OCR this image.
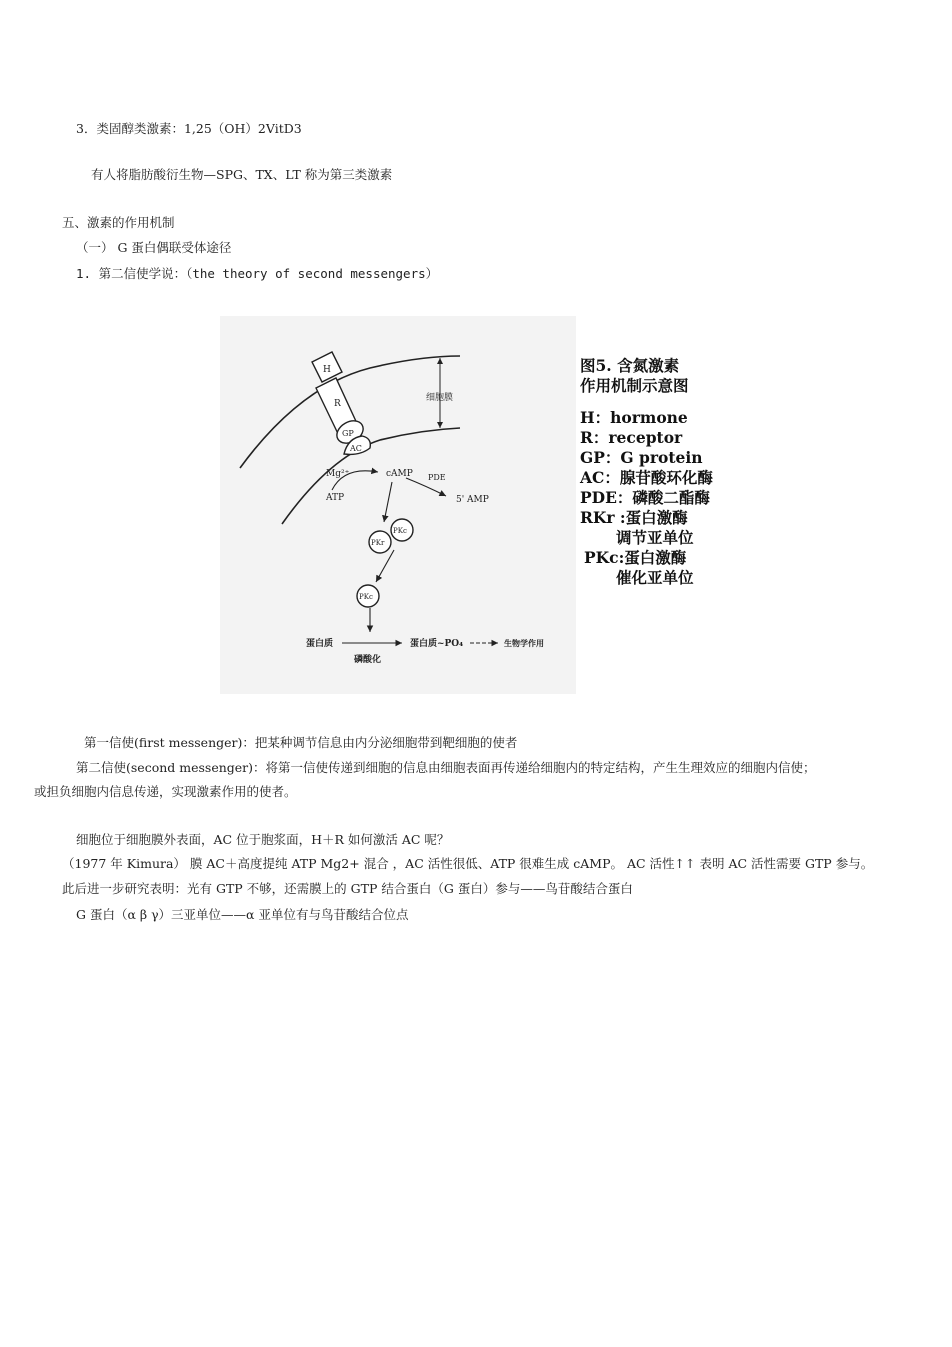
3．类固醇类激素：1,25（OH）2VitD3
有人将脂肪酸衍生物—SPG、TX、LT 称为第三类激素
五、激素的作用机制
（一） G 蛋白偶联受体途径
1. 第二信使学说：（the theory of second messengers）
细胞膜
H
R
GP
AC
Mg²⁺	cAMP PDE
ATP	5' AMP
PKr
PKc
PKc
蛋白质
磷酸化
蛋白质~PO₄	生物学作用
图5. 含氮激素
作用机制示意图
H：hormone
R：receptor
GP：G protein
AC：腺苷酸环化酶
PDE：磷酸二酯酶
RKr :蛋白激酶
调节亚单位
PKc:蛋白激酶
催化亚单位
第一信使(first messenger)：把某种调节信息由内分泌细胞带到靶细胞的使者
第二信使(second messenger)：将第一信使传递到细胞的信息由细胞表面再传递给细胞内的特定结构，产生生理效应的细胞内信使；
或担负细胞内信息传递，实现激素作用的使者。
细胞位于细胞膜外表面，AC 位于胞浆面，H＋R 如何激活 AC 呢？
（1977 年 Kimura） 膜 AC＋高度提纯 ATP Mg2+ 混合 ，AC 活性很低、ATP 很难生成 cAMP。 AC 活性↑↑ 表明 AC 活性需要 GTP 参与。
此后进一步研究表明：光有 GTP 不够，还需膜上的 GTP 结合蛋白（G 蛋白）参与——鸟苷酸结合蛋白
G 蛋白（α β γ）三亚单位——α 亚单位有与鸟苷酸结合位点
